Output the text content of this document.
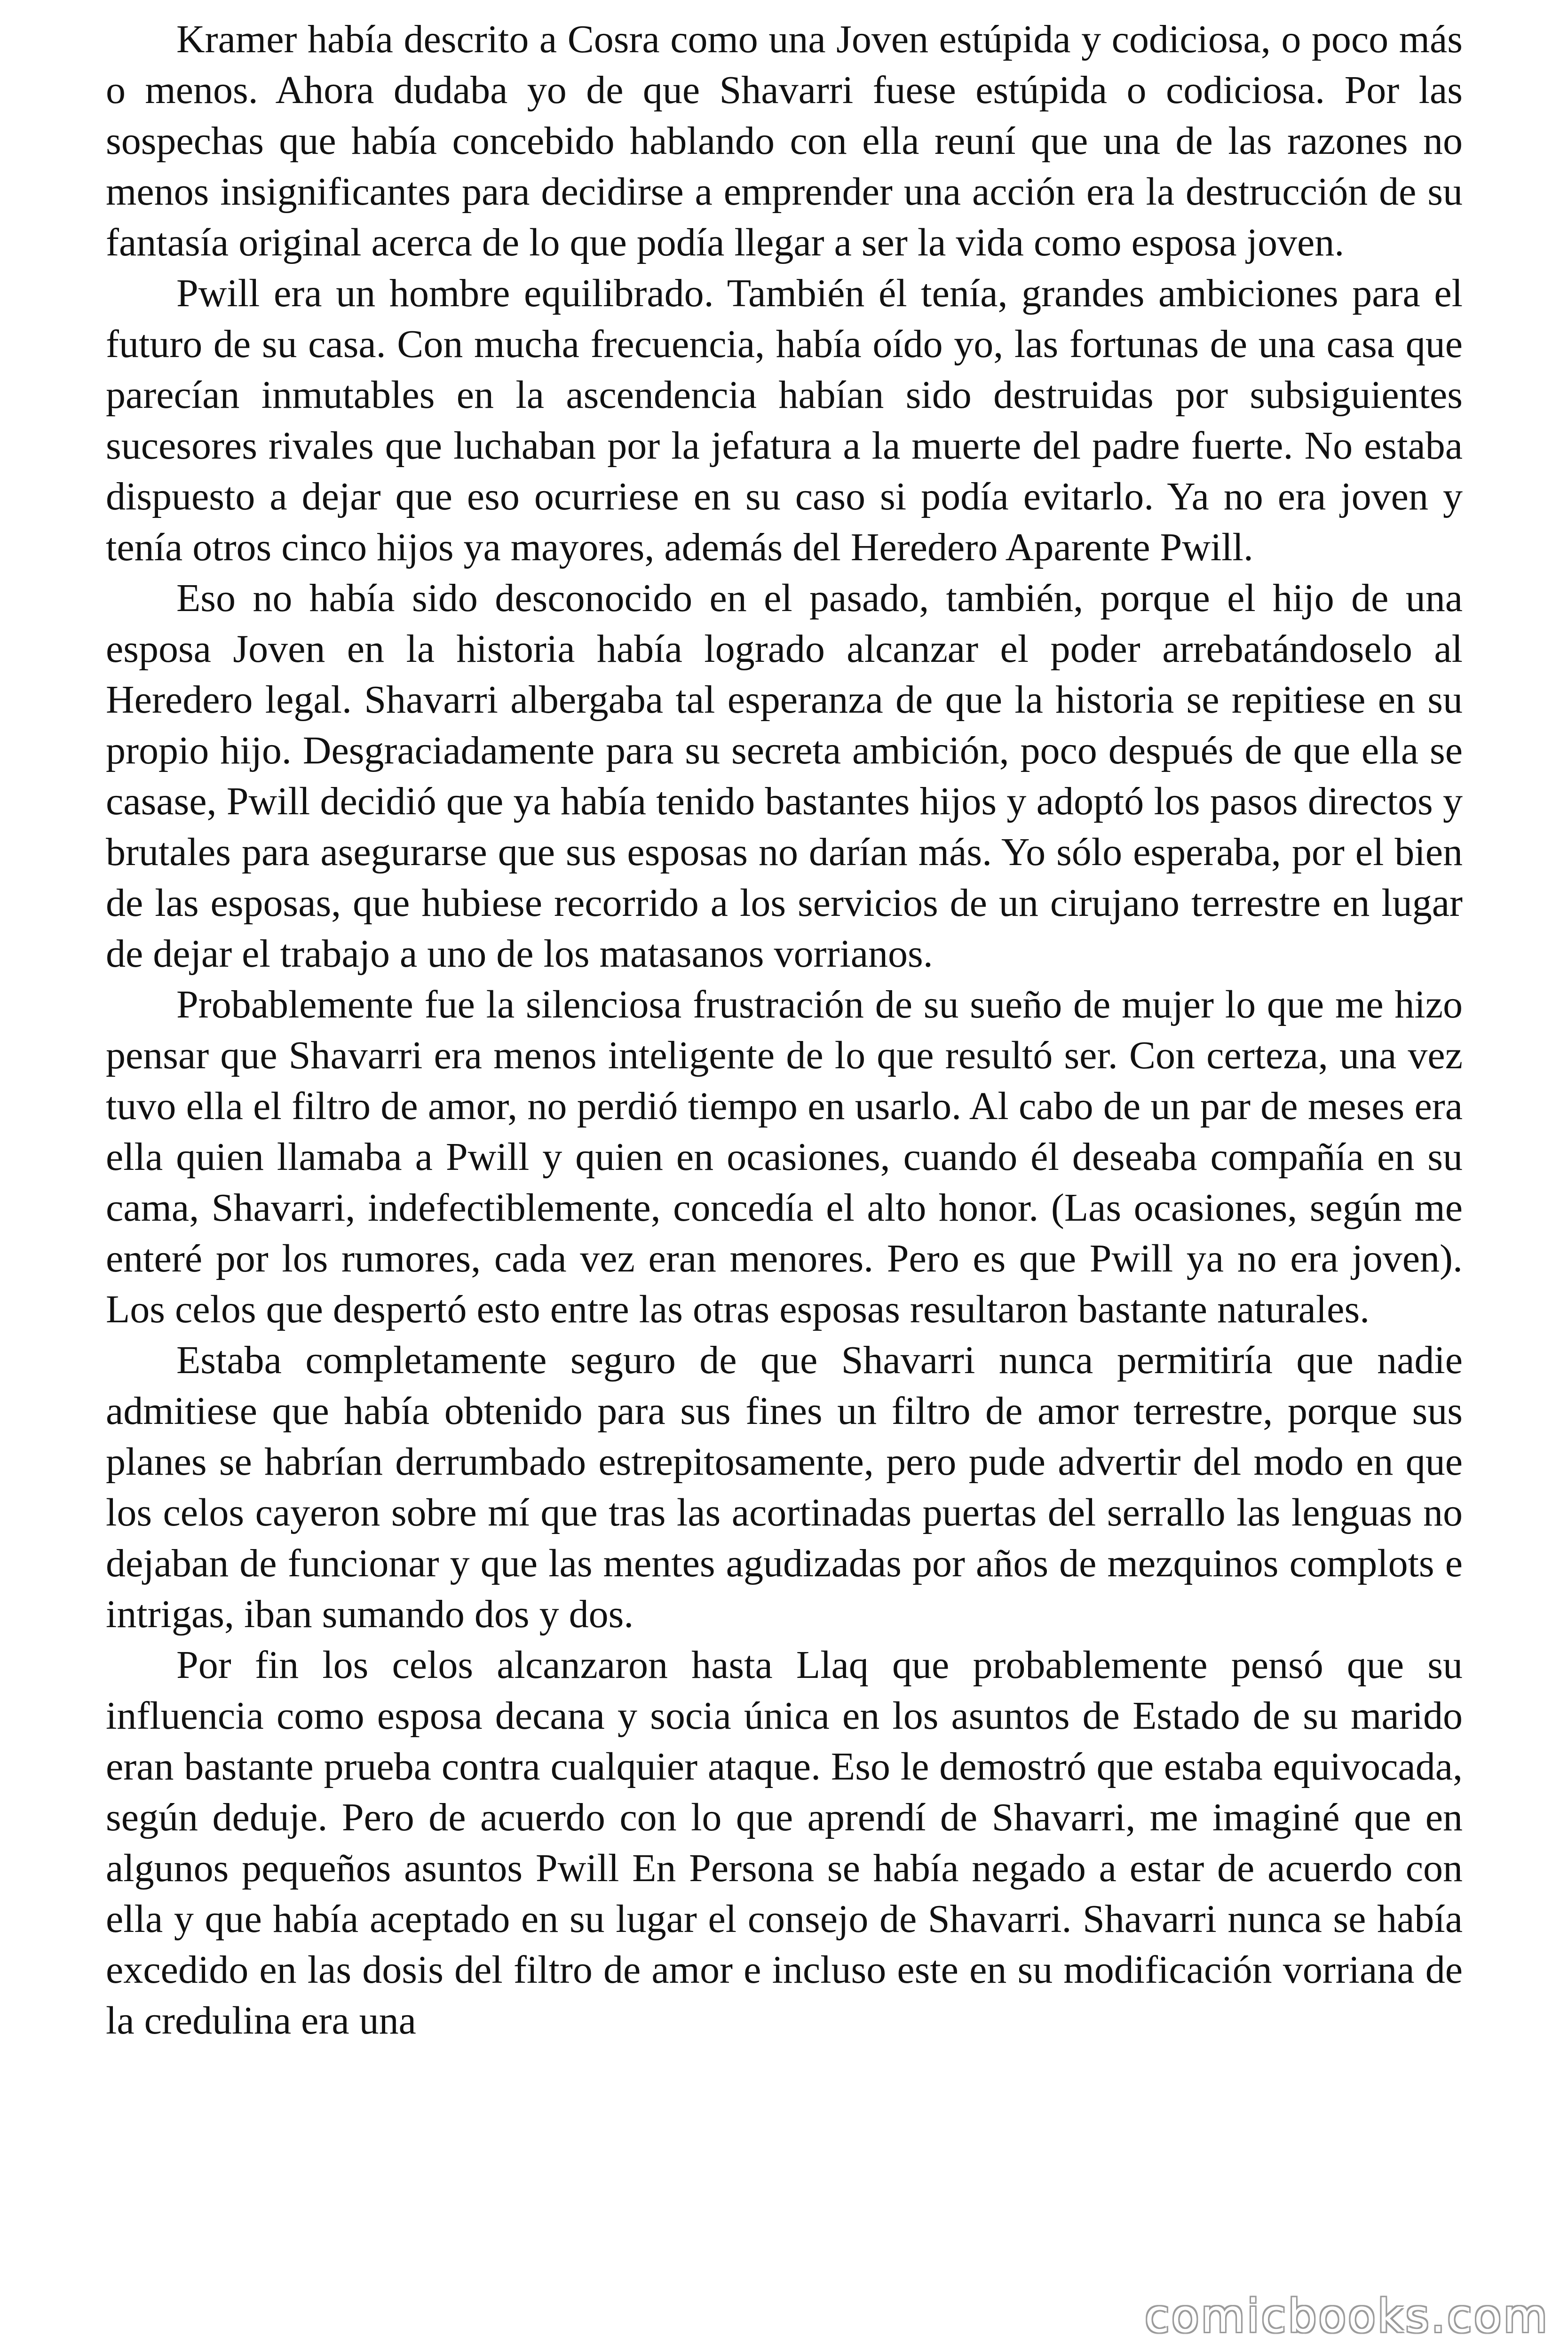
Kramer había descrito a Cosra como una Joven estúpida y codiciosa, o poco más o menos. Ahora dudaba yo de que Shavarri fuese estúpida o codiciosa. Por las sospechas que había concebido hablando con ella reuní que una de las razones no menos insignificantes para decidirse a emprender una acción era la destrucción de su fantasía original acerca de lo que podía llegar a ser la vida como esposa joven.

Pwill era un hombre equilibrado. También él tenía, grandes ambiciones para el futuro de su casa. Con mucha frecuencia, había oído yo, las fortunas de una casa que parecían inmutables en la ascendencia habían sido destruidas por subsiguientes sucesores rivales que luchaban por la jefatura a la muerte del padre fuerte. No estaba dispuesto a dejar que eso ocurriese en su caso si podía evitarlo. Ya no era joven y tenía otros cinco hijos ya mayores, además del Heredero Aparente Pwill.

Eso no había sido desconocido en el pasado, también, porque el hijo de una esposa Joven en la historia había logrado alcanzar el poder arrebatándoselo al Heredero legal. Shavarri albergaba tal esperanza de que la historia se repitiese en su propio hijo. Desgraciadamente para su secreta ambición, poco después de que ella se casase, Pwill decidió que ya había tenido bastantes hijos y adoptó los pasos directos y brutales para asegurarse que sus esposas no darían más. Yo sólo esperaba, por el bien de las esposas, que hubiese recorrido a los servicios de un cirujano terrestre en lugar de dejar el trabajo a uno de los matasanos vorrianos.

Probablemente fue la silenciosa frustración de su sueño de mujer lo que me hizo pensar que Shavarri era menos inteligente de lo que resultó ser. Con certeza, una vez tuvo ella el filtro de amor, no perdió tiempo en usarlo. Al cabo de un par de meses era ella quien llamaba a Pwill y quien en ocasiones, cuando él deseaba compañía en su cama, Shavarri, indefectiblemente, concedía el alto honor. (Las ocasiones, según me enteré por los rumores, cada vez eran menores. Pero es que Pwill ya no era joven). Los celos que despertó esto entre las otras esposas resultaron bastante naturales.

Estaba completamente seguro de que Shavarri nunca permitiría que nadie admitiese que había obtenido para sus fines un filtro de amor terrestre, porque sus planes se habrían derrumbado estrepitosamente, pero pude advertir del modo en que los celos cayeron sobre mí que tras las acortinadas puertas del serrallo las lenguas no dejaban de funcionar y que las mentes agudizadas por años de mezquinos complots e intrigas, iban sumando dos y dos.

Por fin los celos alcanzaron hasta Llaq que probablemente pensó que su influencia como esposa decana y socia única en los asuntos de Estado de su marido eran bastante prueba contra cualquier ataque. Eso le demostró que estaba equivocada, según deduje. Pero de acuerdo con lo que aprendí de Shavarri, me imaginé que en algunos pequeños asuntos Pwill En Persona se había negado a estar de acuerdo con ella y que había aceptado en su lugar el consejo de Shavarri. Shavarri nunca se había excedido en las dosis del filtro de amor e incluso este en su modificación vorriana de la credulina era una

comicbooks.com
